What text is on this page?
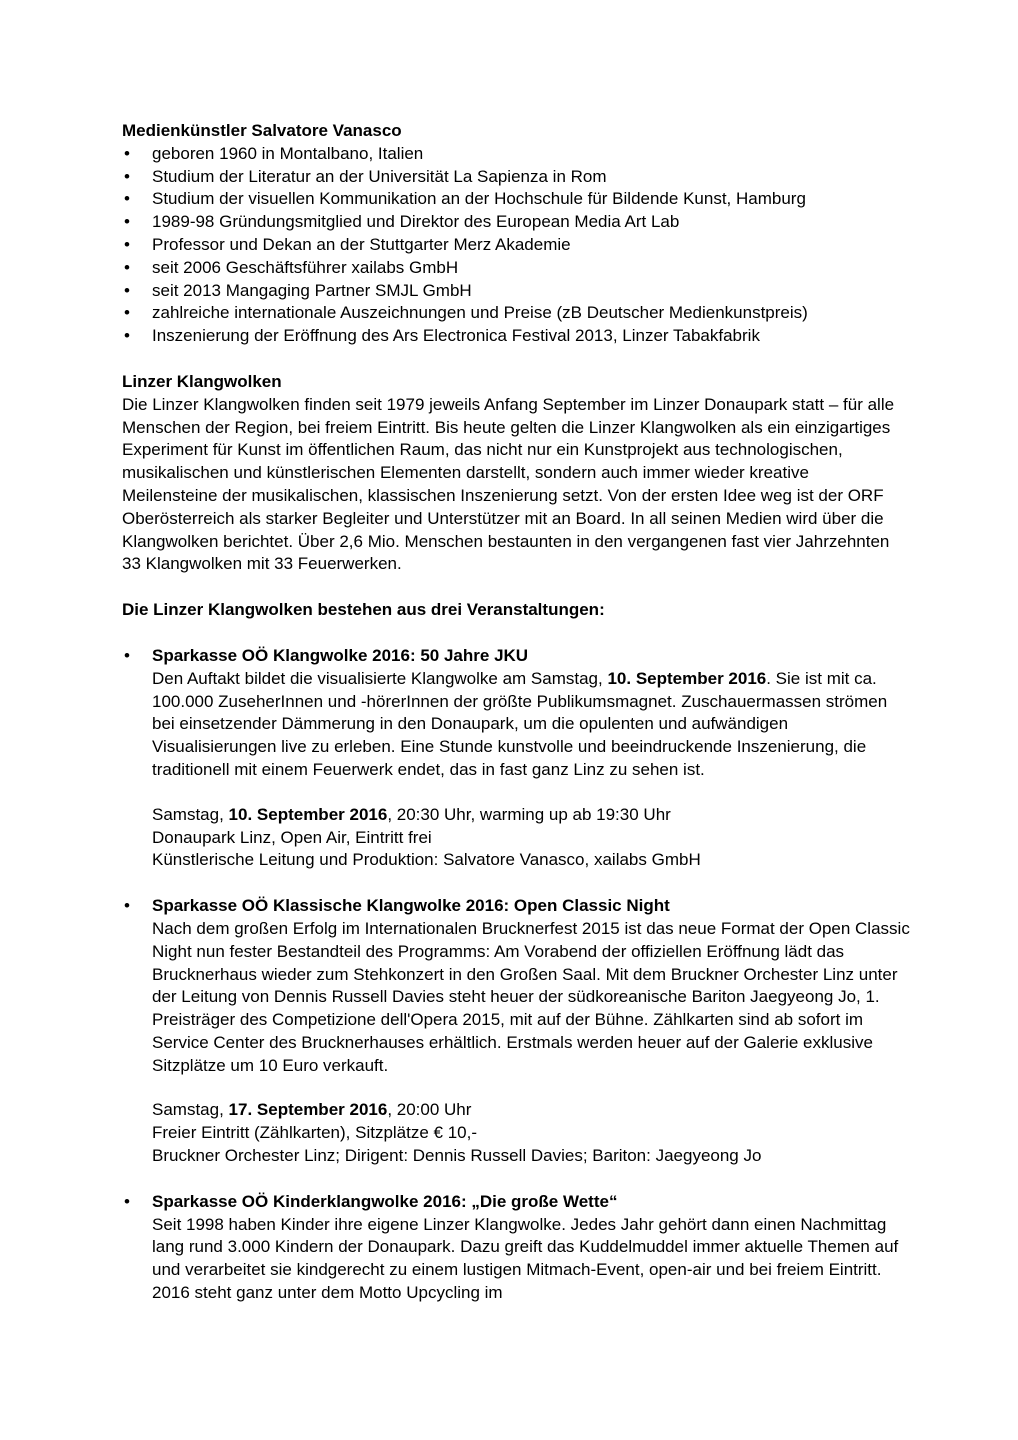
Medienkünstler Salvatore Vanasco

• geboren 1960 in Montalbano, Italien
• Studium der Literatur an der Universität La Sapienza in Rom
• Studium der visuellen Kommunikation an der Hochschule für Bildende Kunst, Hamburg
• 1989-98 Gründungsmitglied und Direktor des European Media Art Lab
• Professor und Dekan an der Stuttgarter Merz Akademie
• seit 2006 Geschäftsführer xailabs GmbH
• seit 2013 Mangaging Partner SMJL GmbH
• zahlreiche internationale Auszeichnungen und Preise (zB Deutscher Medienkunstpreis)
• Inszenierung der Eröffnung des Ars Electronica Festival 2013, Linzer Tabakfabrik

Linzer Klangwolken

Die Linzer Klangwolken finden seit 1979 jeweils Anfang September im Linzer Donaupark statt – für alle Menschen der Region, bei freiem Eintritt. Bis heute gelten die Linzer Klangwolken als ein einzigartiges Experiment für Kunst im öffentlichen Raum, das nicht nur ein Kunstprojekt aus technologischen, musikalischen und künstlerischen Elementen darstellt, sondern auch immer wieder kreative Meilensteine der musikalischen, klassischen Inszenierung setzt. Von der ersten Idee weg ist der ORF Oberösterreich als starker Begleiter und Unterstützer mit an Board. In all seinen Medien wird über die Klangwolken berichtet. Über 2,6 Mio. Menschen bestaunten in den vergangenen fast vier Jahrzehnten 33 Klangwolken mit 33 Feuerwerken.

Die Linzer Klangwolken bestehen aus drei Veranstaltungen:

• Sparkasse OÖ Klangwolke 2016: 50 Jahre JKU

Den Auftakt bildet die visualisierte Klangwolke am Samstag, 10. September 2016. Sie ist mit ca. 100.000 ZuseherInnen und -hörerInnen der größte Publikumsmagnet. Zuschauermassen strömen bei einsetzender Dämmerung in den Donaupark, um die opulenten und aufwändigen Visualisierungen live zu erleben. Eine Stunde kunstvolle und beeindruckende Inszenierung, die traditionell mit einem Feuerwerk endet, das in fast ganz Linz zu sehen ist.

Samstag, 10. September 2016, 20:30 Uhr, warming up ab 19:30 Uhr
Donaupark Linz, Open Air, Eintritt frei
Künstlerische Leitung und Produktion: Salvatore Vanasco, xailabs GmbH
• Sparkasse OÖ Klassische Klangwolke 2016: Open Classic Night

Nach dem großen Erfolg im Internationalen Brucknerfest 2015 ist das neue Format der Open Classic Night nun fester Bestandteil des Programms: Am Vorabend der offiziellen Eröffnung lädt das Brucknerhaus wieder zum Stehkonzert in den Großen Saal. Mit dem Bruckner Orchester Linz unter der Leitung von Dennis Russell Davies steht heuer der südkoreanische Bariton Jaegyeong Jo, 1. Preisträger des Competizione dell'Opera 2015, mit auf der Bühne. Zählkarten sind ab sofort im Service Center des Brucknerhauses erhältlich. Erstmals werden heuer auf der Galerie exklusive Sitzplätze um 10 Euro verkauft.

Samstag, 17. September 2016, 20:00 Uhr
Freier Eintritt (Zählkarten), Sitzplätze € 10,-
Bruckner Orchester Linz; Dirigent: Dennis Russell Davies; Bariton: Jaegyeong Jo
• Sparkasse OÖ Kinderklangwolke 2016: „Die große Wette“

Seit 1998 haben Kinder ihre eigene Linzer Klangwolke. Jedes Jahr gehört dann einen Nachmittag lang rund 3.000 Kindern der Donaupark. Dazu greift das Kuddelmuddel immer aktuelle Themen auf und verarbeitet sie kindgerecht zu einem lustigen Mitmach-Event, open-air und bei freiem Eintritt. 2016 steht ganz unter dem Motto Upcycling im
